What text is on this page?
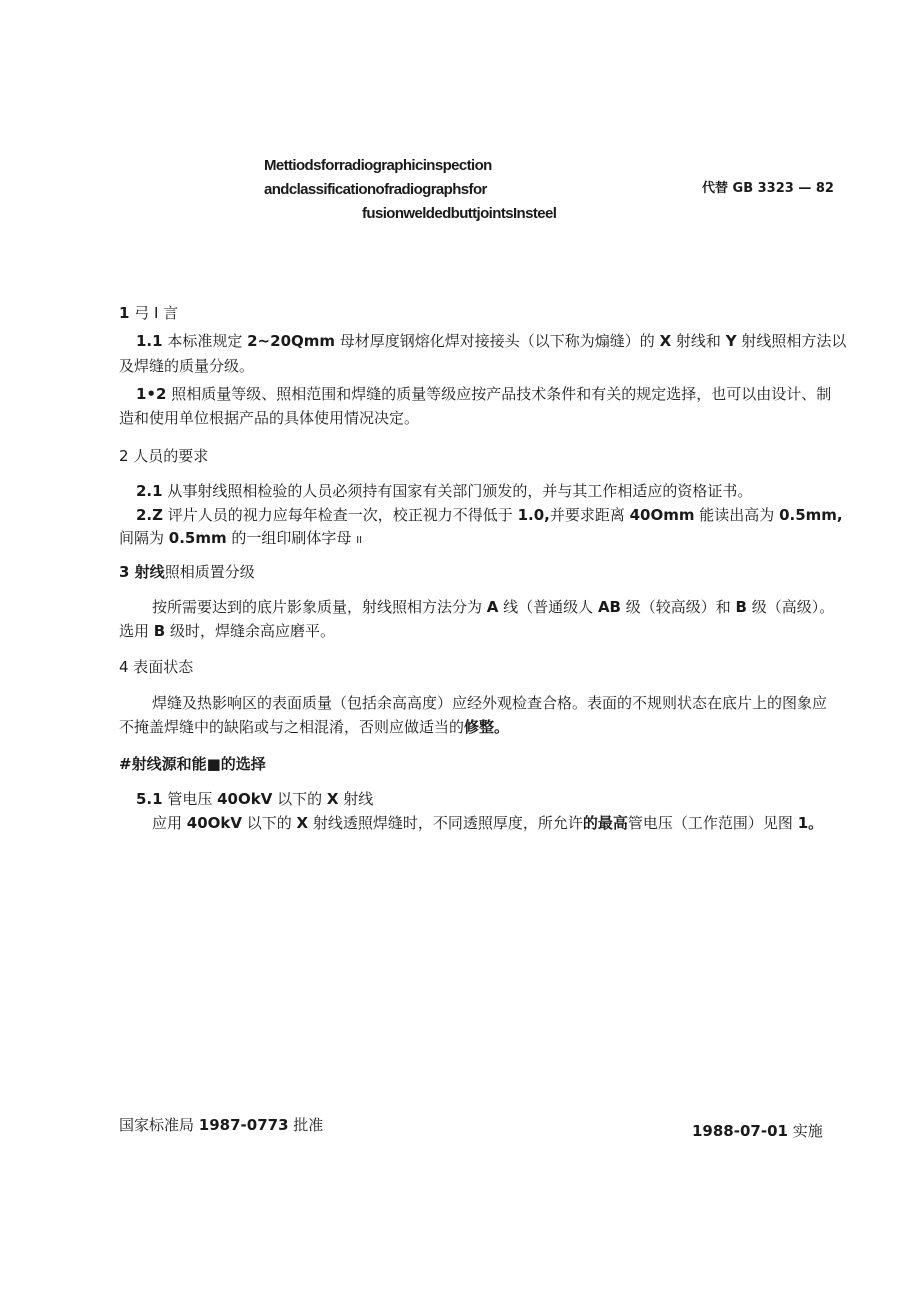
Mettiodsforradiographicinspection
andclassificationofradiographsfor
fusionweldedbuttjointsInsteel
代替 GB 3323 — 82
1 弓 I 言
1.1 本标准规定 2~20Qmm 母材厚度钢熔化焊对接接头（以下称为煽缝）的 X 射线和 Y 射线照相方法以
及焊缝的质量分级。
1•2 照相质量等级、照相范围和焊缝的质量等级应按产品技术条件和有关的规定选择，也可以由设计、制
造和使用单位根据产品的具体使用情况决定。
2 人员的要求
2.1 从事射线照相检验的人员必须持有国家有关部门颁发的，并与其工作相适应的资格证书。
2.Z 评片人员的视力应每年检查一次，校正视力不得低于 1.0,并要求距离 40Omm 能读出高为 0.5mm,
间隔为 0.5mm 的一组印刷体字母 II
3 射线照相质置分级
按所需要达到的底片影象质量，射线照相方法分为 A 线（普通级人 AB 级（较高级）和 B 级（高级）。
选用 B 级时，焊缝余高应磨平。
4 表面状态
焊缝及热影响区的表面质量（包括余高高度）应经外观检查合格。表面的不规则状态在底片上的图象应
不掩盖焊缝中的缺陷或与之相混淆，否则应做适当的修整。
#射线源和能■的选择
5.1 管电压 40OkV 以下的 X 射线
应用 40OkV 以下的 X 射线透照焊缝时，不同透照厚度，所允许的最高管电压（工作范围）见图 1。
国家标准局 1987-0773 批准	1988-07-01 实施
